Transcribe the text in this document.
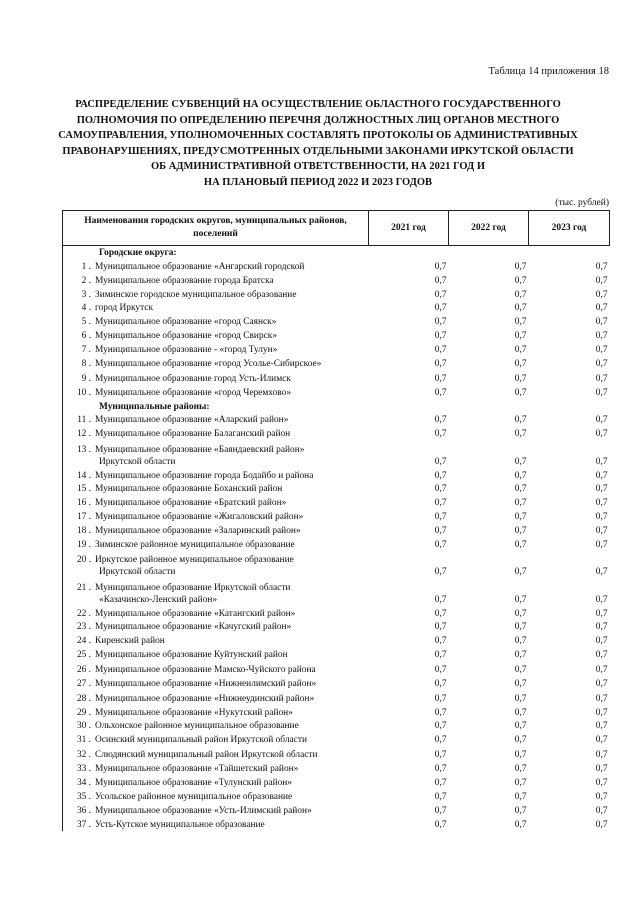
Таблица 14 приложения 18
РАСПРЕДЕЛЕНИЕ СУБВЕНЦИЙ НА ОСУЩЕСТВЛЕНИЕ ОБЛАСТНОГО ГОСУДАРСТВЕННОГО
ПОЛНОМОЧИЯ ПО ОПРЕДЕЛЕНИЮ ПЕРЕЧНЯ ДОЛЖНОСТНЫХ ЛИЦ ОРГАНОВ МЕСТНОГО
САМОУПРАВЛЕНИЯ, УПОЛНОМОЧЕННЫХ СОСТАВЛЯТЬ ПРОТОКОЛЫ ОБ АДМИНИСТРАТИВНЫХ
ПРАВОНАРУШЕНИЯХ, ПРЕДУСМОТРЕННЫХ ОТДЕЛЬНЫМИ ЗАКОНАМИ ИРКУТСКОЙ ОБЛАСТИ
ОБ АДМИНИСТРАТИВНОЙ ОТВЕТСТВЕННОСТИ, НА 2021 ГОД И
НА ПЛАНОВЫЙ ПЕРИОД 2022 И 2023 ГОДОВ
(тыс. рублей)
Наименования городских округов, муниципальных районов, поселений	2021 год	2022 год	2023 год
Городские округа:			
1 . Муниципальное образование «Ангарский городской	0,7	0,7	0,7
2 . Муниципальное образование города Братска	0,7	0,7	0,7
3 . Зиминское городское муниципальное образование	0,7	0,7	0,7
4 . город Иркутск	0,7	0,7	0,7
5 . Муниципальное образование «город Саянск»	0,7	0,7	0,7
6 . Муниципальное образование «город Свирск»	0,7	0,7	0,7
7 . Муниципальное образование - «город Тулун»	0,7	0,7	0,7
8 . Муниципальное образование «город Усолье-Сибирское»	0,7	0,7	0,7
9 . Муниципальное образование город Усть-Илимск	0,7	0,7	0,7
10 . Муниципальное образование «город Черемхово»	0,7	0,7	0,7
Муниципальные районы:			
11 . Муниципальное образование «Аларский район»	0,7	0,7	0,7
12 . Муниципальное образование Балаганский район	0,7	0,7	0,7
13 . Муниципальное образование «Баяндаевский район»
Иркутской области	0,7	0,7	0,7
14 . Муниципальное образование города Бодайбо и района	0,7	0,7	0,7
15 . Муниципальное образование Боханский район	0,7	0,7	0,7
16 . Муниципальное образование «Братский район»	0,7	0,7	0,7
17 . Муниципальное образование «Жигаловский район»	0,7	0,7	0,7
18 . Муниципальное образование «Заларинский район»	0,7	0,7	0,7
19 . Зиминское районное муниципальное образование	0,7	0,7	0,7
20 . Иркутское районное муниципальное образование
Иркутской области	0,7	0,7	0,7
21 . Муниципальное образование Иркутской области
«Казачинско-Ленский район»	0,7	0,7	0,7
22 . Муниципальное образование «Катангский район»	0,7	0,7	0,7
23 . Муниципальное образование «Качугский район»	0,7	0,7	0,7
24 . Киренский район	0,7	0,7	0,7
25 . Муниципальное образование Куйтунский район	0,7	0,7	0,7
26 . Муниципальное образование Мамско-Чуйского района	0,7	0,7	0,7
27 . Муниципальное образование «Нижнеилимский район»	0,7	0,7	0,7
28 . Муниципальное образование «Нижнеудинский район»	0,7	0,7	0,7
29 . Муниципальное образование «Нукутский район»	0,7	0,7	0,7
30 . Ольхонское районное муниципальное образование	0,7	0,7	0,7
31 . Осинский муниципальный район Иркутской области	0,7	0,7	0,7
32 . Слюдянский муниципальный район Иркутской области	0,7	0,7	0,7
33 . Муниципальное образование «Тайшетский район»	0,7	0,7	0,7
34 . Муниципальное образование «Тулунский район»	0,7	0,7	0,7
35 . Усольское районное муниципальное образование	0,7	0,7	0,7
36 . Муниципальное образование «Усть-Илимский район»	0,7	0,7	0,7
37 . Усть-Кутское муниципальное образование	0,7	0,7	0,7
